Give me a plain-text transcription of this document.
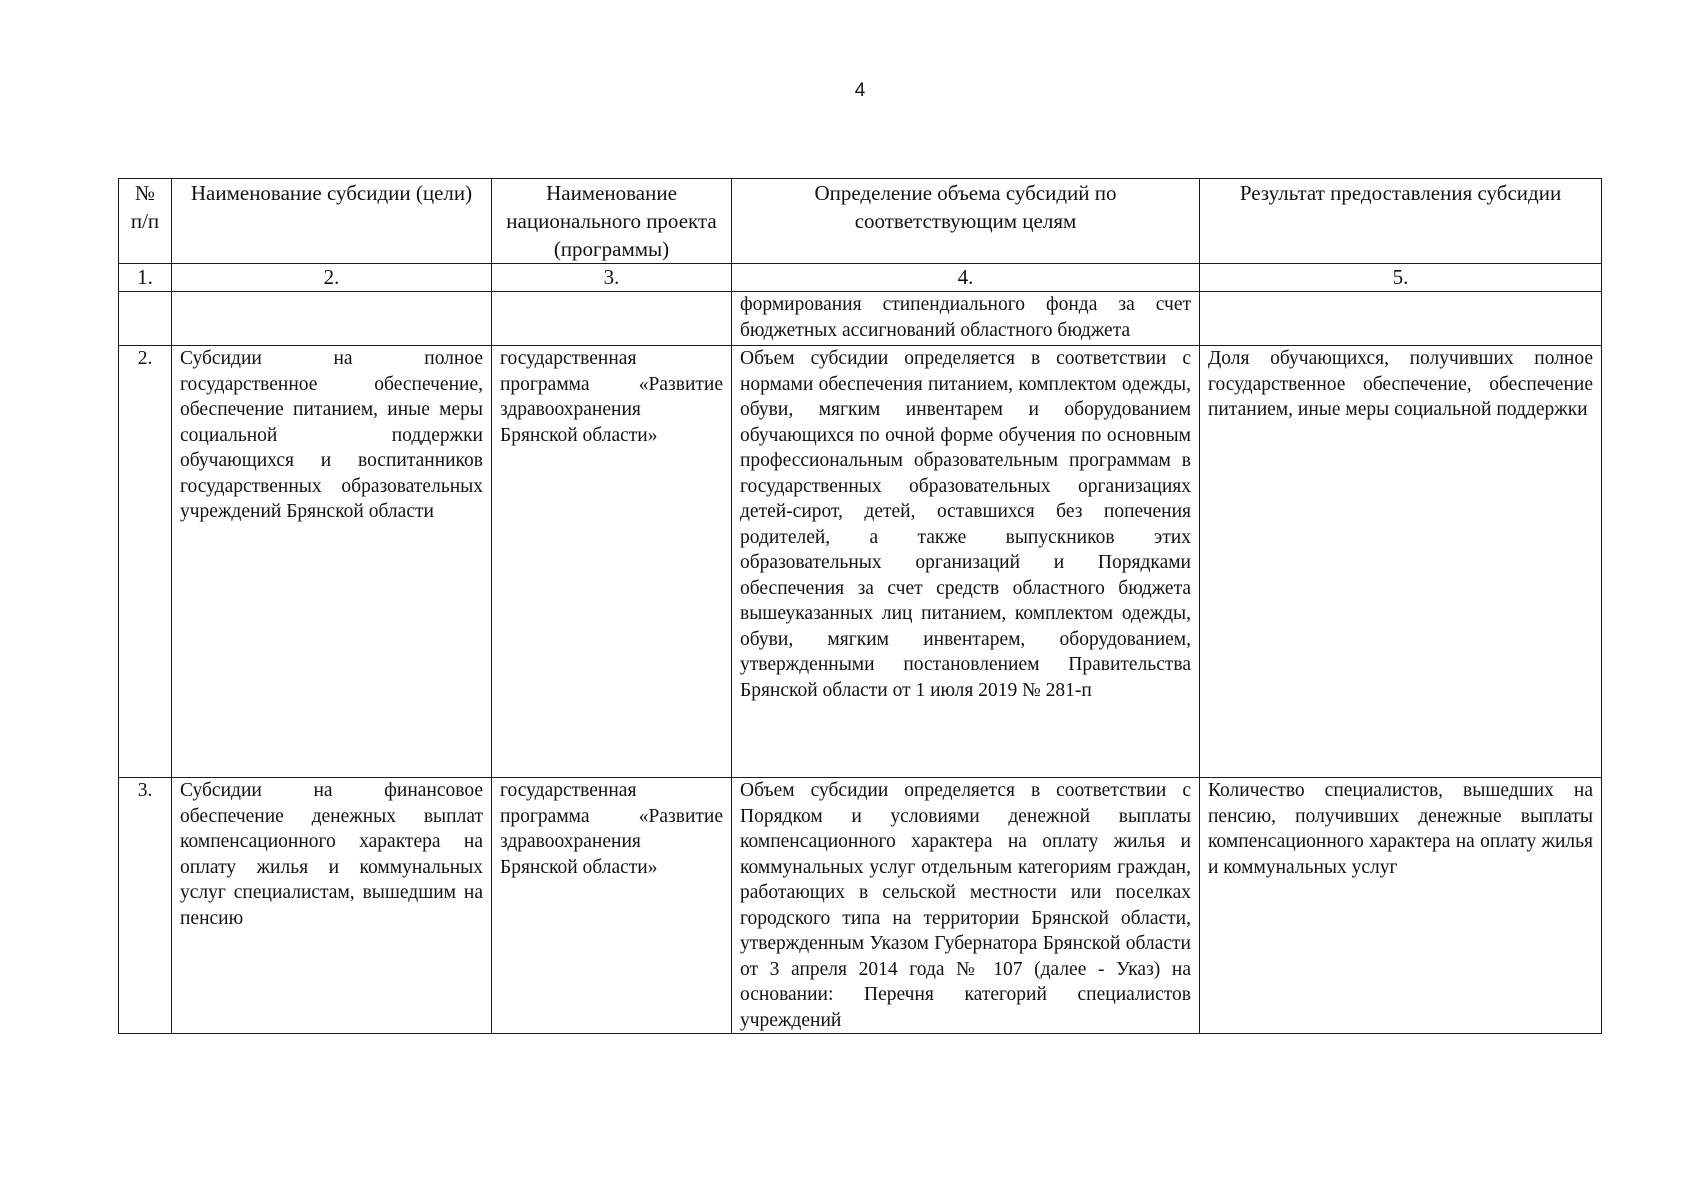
4
№ п/п	Наименование субсидии (цели)	Наименование национального проекта (программы)	Определение объема субсидий по соответствующим целям	Результат предоставления субсидии
1.	2.	3.	4.	5.
			формирования стипендиального фонда за счет бюджетных ассигнований областного бюджета	
2.	Субсидии на полное государственное обеспечение, обеспечение питанием, иные меры социальной поддержки обучающихся и воспитанников государственных образовательных учреждений Брянской области	государственная программа «Развитие здравоохранения Брянской области»	Объем субсидии определяется в соответствии с нормами обеспечения питанием, комплектом одежды, обуви, мягким инвентарем и оборудованием обучающихся по очной форме обучения по основным профессиональным образовательным программам в государственных образовательных организациях детей-сирот, детей, оставшихся без попечения родителей, а также выпускников этих образовательных организаций и Порядками обеспечения за счет средств областного бюджета вышеуказанных лиц питанием, комплектом одежды, обуви, мягким инвентарем, оборудованием, утвержденными постановлением Правительства Брянской области от 1 июля 2019 № 281-п	Доля обучающихся, получивших полное государственное обеспечение, обеспечение питанием, иные меры социальной поддержки
3.	Субсидии на финансовое обеспечение денежных выплат компенсационного характера на оплату жилья и коммунальных услуг специалистам, вышедшим на пенсию	государственная программа «Развитие здравоохранения Брянской области»	Объем субсидии определяется в соответствии с Порядком и условиями денежной выплаты компенсационного характера на оплату жилья и коммунальных услуг отдельным категориям граждан, работающих в сельской местности или поселках городского типа на территории Брянской области, утвержденным Указом Губернатора Брянской области от 3 апреля 2014 года № 107 (далее - Указ) на основании: Перечня категорий специалистов учреждений	Количество специалистов, вышедших на пенсию, получивших денежные выплаты компенсационного характера на оплату жилья и коммунальных услуг
